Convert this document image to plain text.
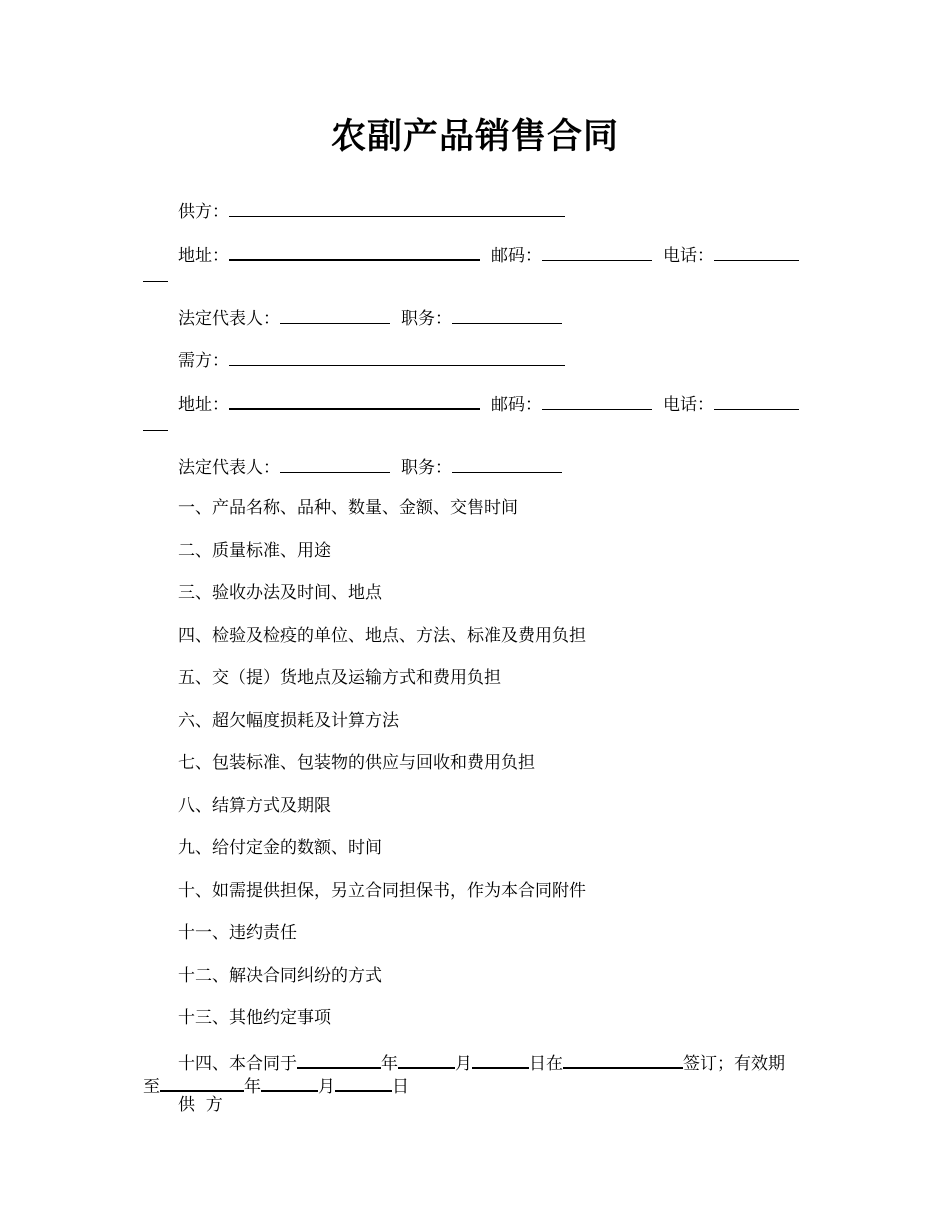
农副产品销售合同
供方：
地址：	邮码：	电话：
法定代表人：	职务：
需方：
地址：	邮码：	电话：
法定代表人：	职务：
一、产品名称、品种、数量、金额、交售时间
二、质量标准、用途
三、验收办法及时间、地点
四、检验及检疫的单位、地点、方法、标准及费用负担
五、交（提）货地点及运输方式和费用负担
六、超欠幅度损耗及计算方法
七、包装标准、包装物的供应与回收和费用负担
八、结算方式及期限
九、给付定金的数额、时间
十、如需提供担保，另立合同担保书，作为本合同附件
十一、违约责任
十二、解决合同纠纷的方式
十三、其他约定事项
十四、本合同于	年	月	日在	签订；有效期
至	年	月	日
供  方
